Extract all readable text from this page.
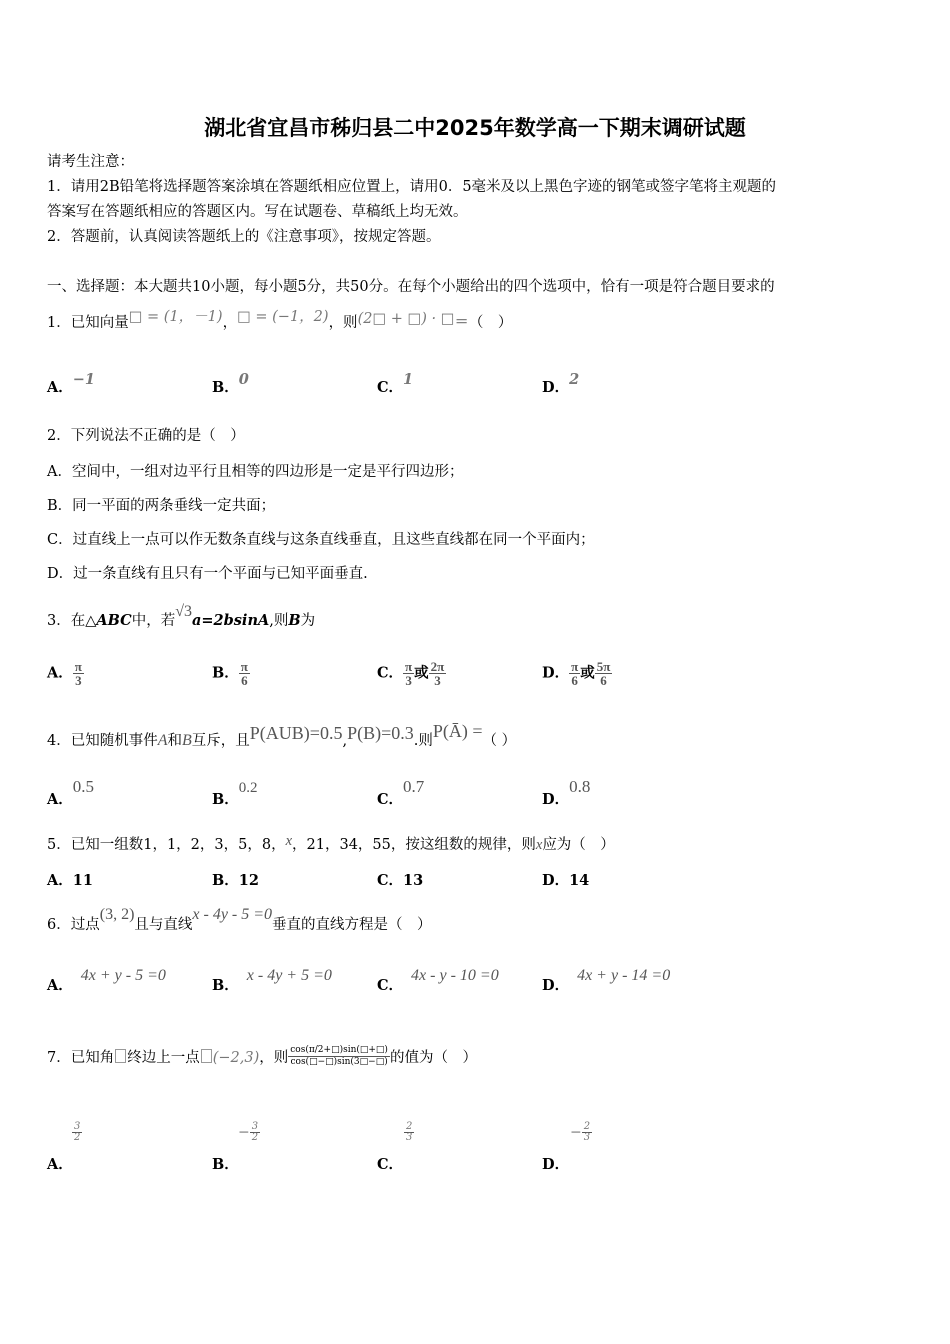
湖北省宜昌市秭归县二中2025年数学高一下期末调研试题
请考生注意：
1．请用2B铅笔将选择题答案涂填在答题纸相应位置上，请用0．5毫米及以上黑色字迹的钢笔或签字笔将主观题的
答案写在答题纸相应的答题区内。写在试题卷、草稿纸上均无效。
2．答题前，认真阅读答题纸上的《注意事项》，按规定答题。
一、选择题：本大题共10小题，每小题5分，共50分。在每个小题给出的四个选项中，恰有一项是符合题目要求的
1．已知向量□ = (1，－1)，□ = (−1，2)，则(2□ + □) · □＝（　）
A．−1	B．0	C．1	D．2
2．下列说法不正确的是（　）
A．空间中，一组对边平行且相等的四边形是一定是平行四边形；
B．同一平面的两条垂线一定共面；
C．过直线上一点可以作无数条直线与这条直线垂直，且这些直线都在同一个平面内；
D．过一条直线有且只有一个平面与已知平面垂直.
3．在△ABC中，若√3a=2bsinA,则B为
A． $\frac{\pi}{3}$	B． $\frac{\pi}{6}$	C． $\frac{\pi}{3}$ 或 $\frac{2\pi}{3}$	D． $\frac{\pi}{6}$ 或 $\frac{5\pi}{6}$
4．已知随机事件A和B互斥，且P(AUB)=0.5,P(B)=0.3.则P(Ā) =（ ）
A．0.5
B．0.2
C．0.7
D．0.8
5．已知一组数1，1，2，3，5，8，x，21，34，55，按这组数的规律，则x应为（　）
A．11	B．12	C．13	D．14
6．过点(3, 2)且与直线x - 4y - 5 =0垂直的直线方程是（　）
A．4x + y - 5 =0
B．x - 4y + 5 =0
C．4x - y - 10 =0
D．4x + y - 14 =0
7．已知角 终边上一点 (−2,3)，则 $\frac{\cos(\pi/2+□)\sin(□+□)}{\cos(□-□)\sin(3□-□)}$ 的值为（　）
$\frac{3}{2}$
A．
− $\frac{3}{2}$
B．
$\frac{2}{3}$
C．
− $\frac{2}{3}$
D．
